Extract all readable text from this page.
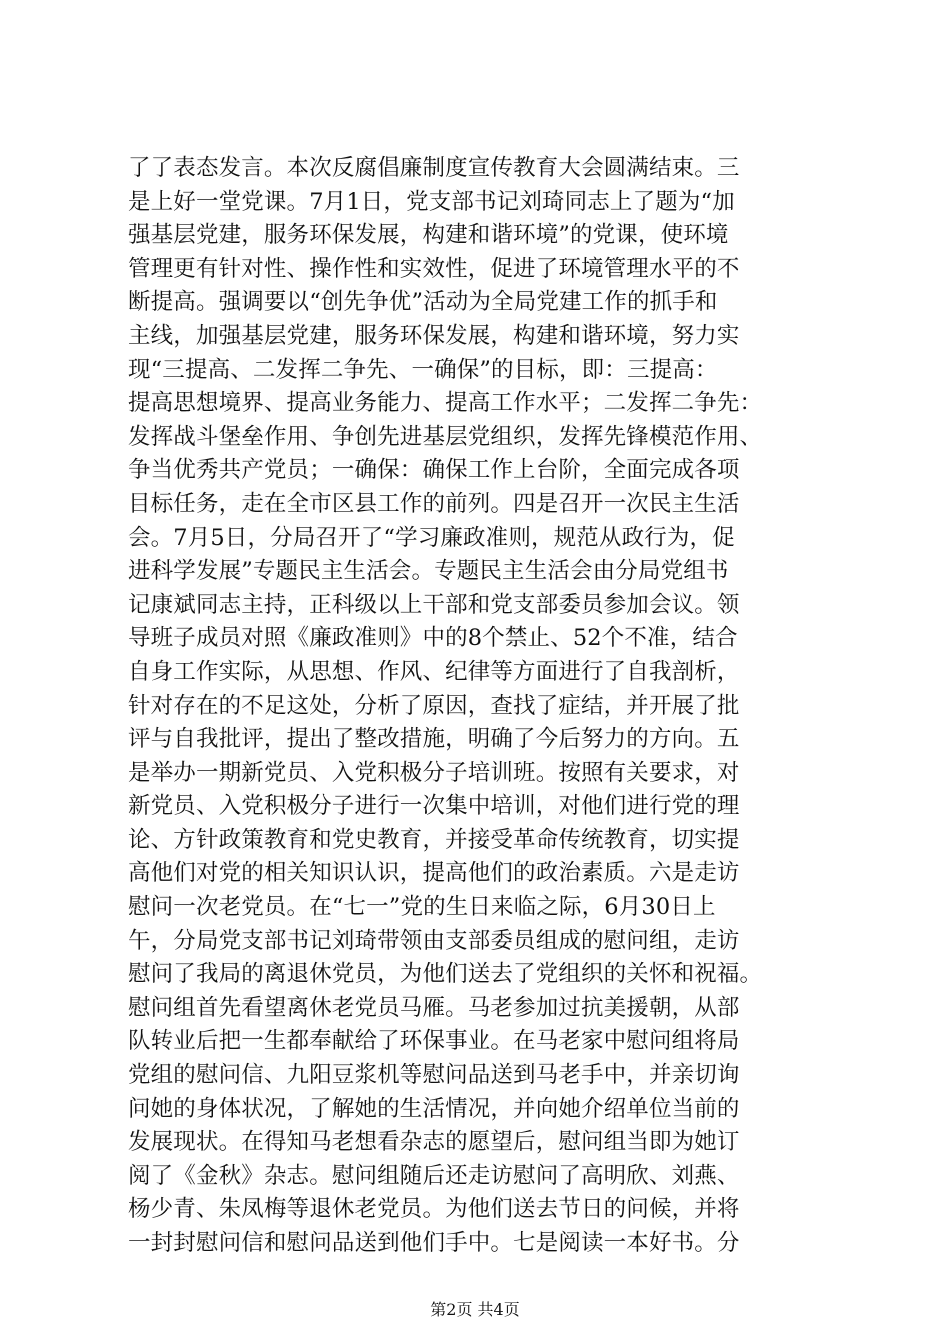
了了表态发言。本次反腐倡廉制度宣传教育大会圆满结束。三
是上好一堂党课。7月1日，党支部书记刘琦同志上了题为“加
强基层党建，服务环保发展，构建和谐环境”的党课，使环境
管理更有针对性、操作性和实效性，促进了环境管理水平的不
断提高。强调要以“创先争优”活动为全局党建工作的抓手和
主线，加强基层党建，服务环保发展，构建和谐环境，努力实
现“三提高、二发挥二争先、一确保”的目标，即：三提高：
提高思想境界、提高业务能力、提高工作水平；二发挥二争先：
发挥战斗堡垒作用、争创先进基层党组织，发挥先锋模范作用、
争当优秀共产党员；一确保：确保工作上台阶，全面完成各项
目标任务，走在全市区县工作的前列。四是召开一次民主生活
会。7月5日，分局召开了“学习廉政准则，规范从政行为，促
进科学发展”专题民主生活会。专题民主生活会由分局党组书
记康斌同志主持，正科级以上干部和党支部委员参加会议。领
导班子成员对照《廉政准则》中的8个禁止、52个不准，结合
自身工作实际，从思想、作风、纪律等方面进行了自我剖析，
针对存在的不足这处，分析了原因，查找了症结，并开展了批
评与自我批评，提出了整改措施，明确了今后努力的方向。五
是举办一期新党员、入党积极分子培训班。按照有关要求，对
新党员、入党积极分子进行一次集中培训，对他们进行党的理
论、方针政策教育和党史教育，并接受革命传统教育，切实提
高他们对党的相关知识认识，提高他们的政治素质。六是走访
慰问一次老党员。在“七一”党的生日来临之际，6月30日上
午，分局党支部书记刘琦带领由支部委员组成的慰问组，走访
慰问了我局的离退休党员，为他们送去了党组织的关怀和祝福。
慰问组首先看望离休老党员马雁。马老参加过抗美援朝，从部
队转业后把一生都奉献给了环保事业。在马老家中慰问组将局
党组的慰问信、九阳豆浆机等慰问品送到马老手中，并亲切询
问她的身体状况，了解她的生活情况，并向她介绍单位当前的
发展现状。在得知马老想看杂志的愿望后，慰问组当即为她订
阅了《金秋》杂志。慰问组随后还走访慰问了高明欣、刘燕、
杨少青、朱凤梅等退休老党员。为他们送去节日的问候，并将
一封封慰问信和慰问品送到他们手中。七是阅读一本好书。分
第2页 共4页
